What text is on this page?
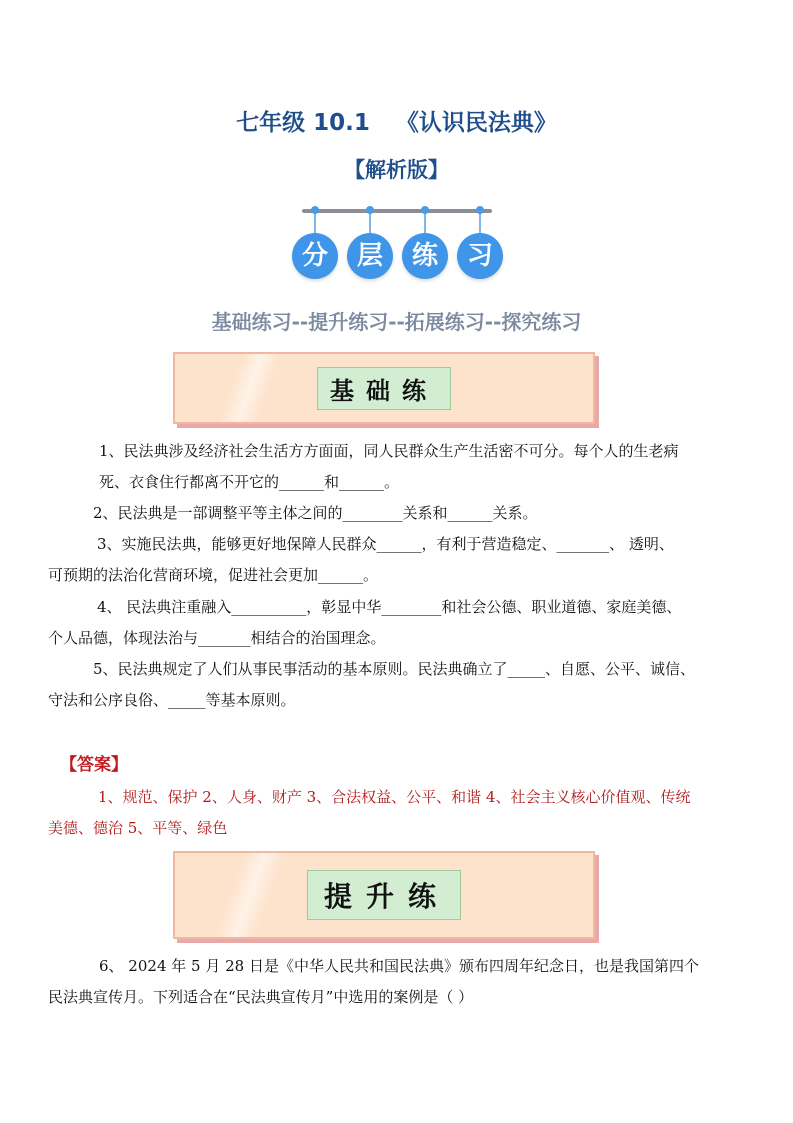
七年级 10.1 《认识民法典》
【解析版】
分	层	练	习
基础练习--提升练习--拓展练习--探究练习
基础练
1、民法典涉及经济社会生活方方面面，同人民群众生产生活密不可分。每个人的生老病
死、衣食住行都离不开它的______和______。
2、民法典是一部调整平等主体之间的________关系和______关系。
3、实施民法典，能够更好地保障人民群众______，有利于营造稳定、_______、 透明、
可预期的法治化营商环境，促进社会更加______。
4、 民法典注重融入__________，彰显中华________和社会公德、职业道德、家庭美德、
个人品德，体现法治与_______相结合的治国理念。
5、民法典规定了人们从事民事活动的基本原则。民法典确立了_____、自愿、公平、诚信、
守法和公序良俗、_____等基本原则。
【答案】
1、规范、保护 2、人身、财产 3、合法权益、公平、和谐 4、社会主义核心价值观、传统
美德、德治 5、平等、绿色
提升练
6、 2024 年 5 月 28 日是《中华人民共和国民法典》颁布四周年纪念日，也是我国第四个
民法典宣传月。下列适合在“民法典宣传月”中选用的案例是（ ）
